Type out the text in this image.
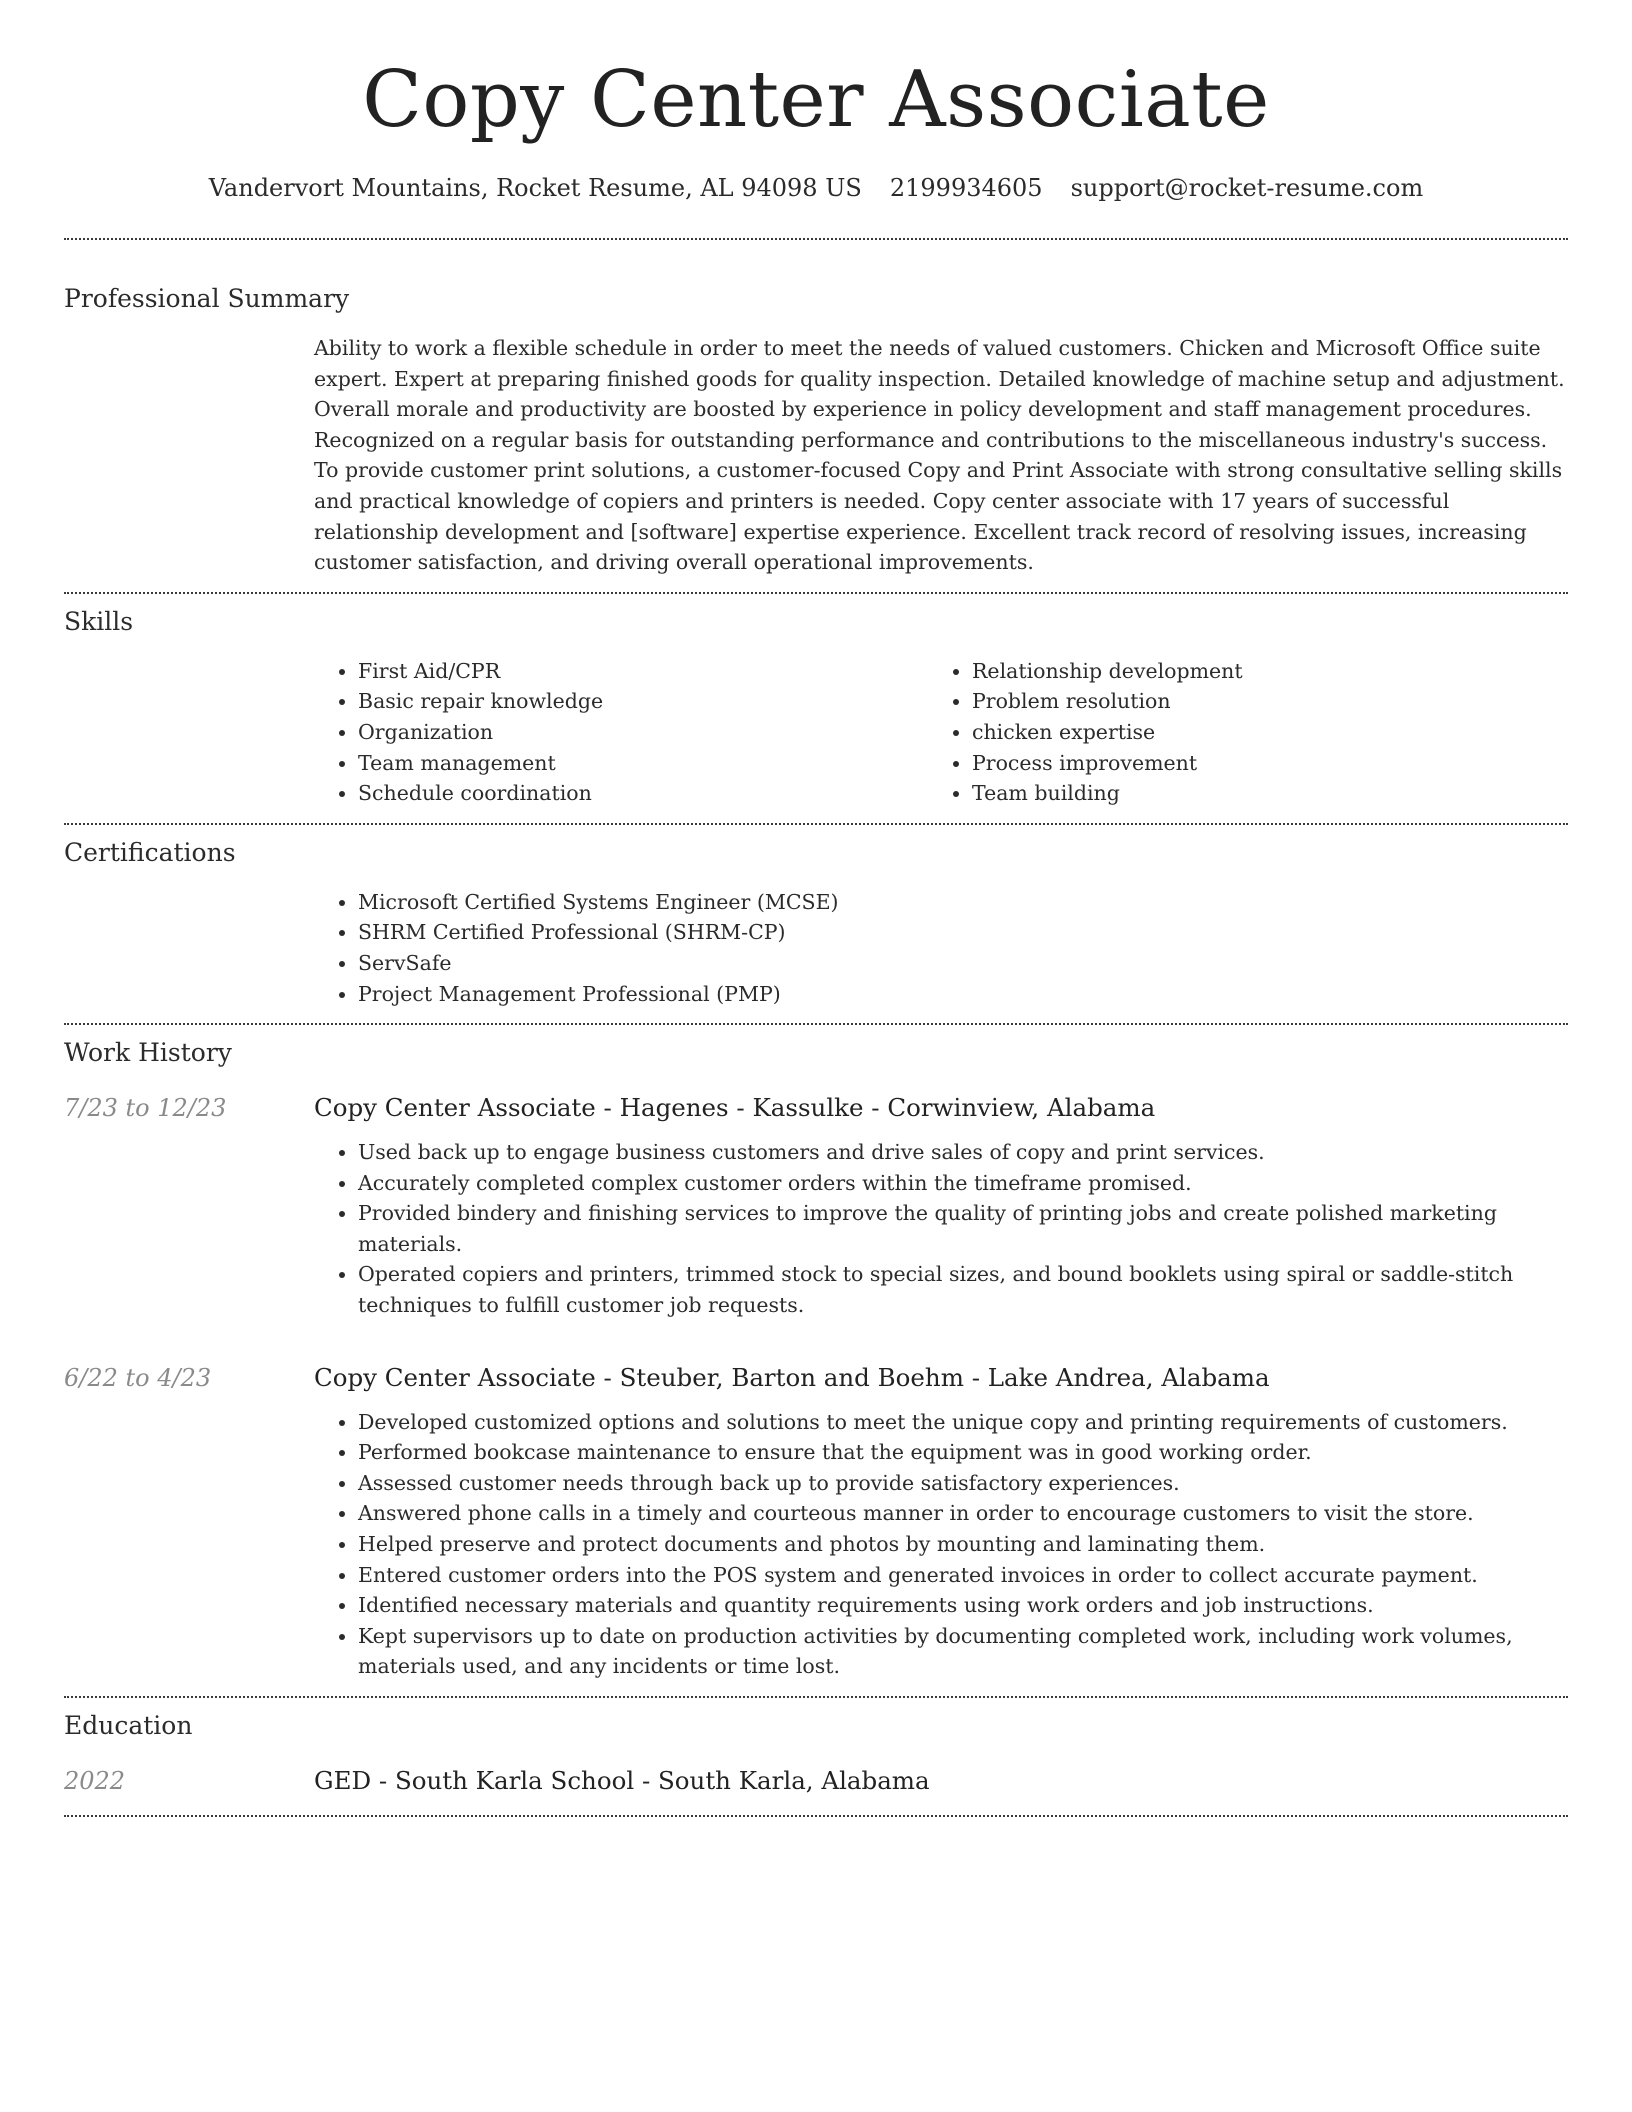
Copy Center Associate
Vandervort Mountains, Rocket Resume, AL 94098 US 2199934605 support@rocket-resume.com
Professional Summary

Ability to work a flexible schedule in order to meet the needs of valued customers. Chicken and Microsoft Office suite expert. Expert at preparing finished goods for quality inspection. Detailed knowledge of machine setup and adjustment. Overall morale and productivity are boosted by experience in policy development and staff management procedures. Recognized on a regular basis for outstanding performance and contributions to the miscellaneous industry's success. To provide customer print solutions, a customer-focused Copy and Print Associate with strong consultative selling skills and practical knowledge of copiers and printers is needed. Copy center associate with 17 years of successful relationship development and [software] expertise experience. Excellent track record of resolving issues, increasing customer satisfaction, and driving overall operational improvements.

Skills
• First Aid/CPR
• Basic repair knowledge
• Organization
• Team management
• Schedule coordination
• Relationship development
• Problem resolution
• chicken expertise
• Process improvement
• Team building
Certifications
• Microsoft Certified Systems Engineer (MCSE)
• SHRM Certified Professional (SHRM-CP)
• ServSafe
• Project Management Professional (PMP)
Work History
7/23 to 12/23	Copy Center Associate - Hagenes - Kassulke - Corwinview, Alabama
• Used back up to engage business customers and drive sales of copy and print services.
• Accurately completed complex customer orders within the timeframe promised.
• Provided bindery and finishing services to improve the quality of printing jobs and create polished marketing materials.
• Operated copiers and printers, trimmed stock to special sizes, and bound booklets using spiral or saddle-stitch techniques to fulfill customer job requests.
6/22 to 4/23	Copy Center Associate - Steuber, Barton and Boehm - Lake Andrea, Alabama
• Developed customized options and solutions to meet the unique copy and printing requirements of customers.
• Performed bookcase maintenance to ensure that the equipment was in good working order.
• Assessed customer needs through back up to provide satisfactory experiences.
• Answered phone calls in a timely and courteous manner in order to encourage customers to visit the store.
• Helped preserve and protect documents and photos by mounting and laminating them.
• Entered customer orders into the POS system and generated invoices in order to collect accurate payment.
• Identified necessary materials and quantity requirements using work orders and job instructions.
• Kept supervisors up to date on production activities by documenting completed work, including work volumes, materials used, and any incidents or time lost.
Education
2022	GED - South Karla School - South Karla, Alabama
